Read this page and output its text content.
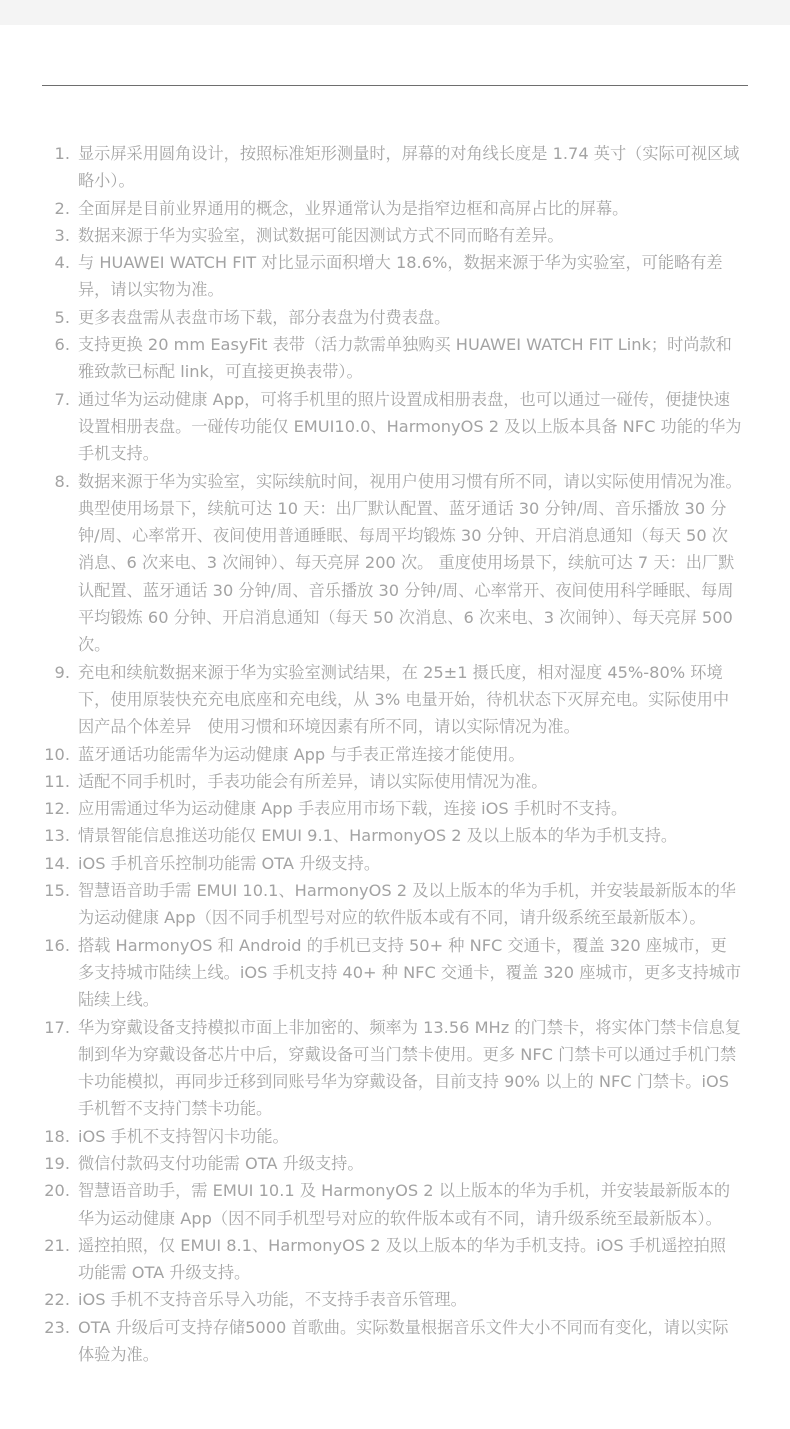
1. 显示屏采用圆角设计，按照标准矩形测量时，屏幕的对角线长度是 1.74 英寸（实际可视区域略小）。
2. 全面屏是目前业界通用的概念，业界通常认为是指窄边框和高屏占比的屏幕。
3. 数据来源于华为实验室，测试数据可能因测试方式不同而略有差异。
4. 与 HUAWEI WATCH FIT 对比显示面积增大 18.6%，数据来源于华为实验室，可能略有差异，请以实物为准。
5. 更多表盘需从表盘市场下载，部分表盘为付费表盘。
6. 支持更换 20 mm EasyFit 表带（活力款需单独购买 HUAWEI WATCH FIT Link；时尚款和雅致款已标配 link，可直接更换表带）。
7. 通过华为运动健康 App，可将手机里的照片设置成相册表盘，也可以通过一碰传，便捷快速设置相册表盘。一碰传功能仅 EMUI10.0、HarmonyOS 2 及以上版本具备 NFC 功能的华为手机支持。
8. 数据来源于华为实验室，实际续航时间，视用户使用习惯有所不同，请以实际使用情况为准。 典型使用场景下，续航可达 10 天：出厂默认配置、蓝牙通话 30 分钟/周、音乐播放 30 分钟/周、心率常开、夜间使用普通睡眠、每周平均锻炼 30 分钟、开启消息通知（每天 50 次消息、6 次来电、3 次闹钟）、每天亮屏 200 次。 重度使用场景下，续航可达 7 天：出厂默认配置、蓝牙通话 30 分钟/周、音乐播放 30 分钟/周、心率常开、夜间使用科学睡眠、每周平均锻炼 60 分钟、开启消息通知（每天 50 次消息、6 次来电、3 次闹钟）、每天亮屏 500 次。
9. 充电和续航数据来源于华为实验室测试结果，在 25±1 摄氏度，相对湿度 45%-80% 环境下，使用原装快充充电底座和充电线，从 3% 电量开始，待机状态下灭屏充电。实际使用中因产品个体差异　使用习惯和环境因素有所不同，请以实际情况为准。
10. 蓝牙通话功能需华为运动健康 App 与手表正常连接才能使用。
11. 适配不同手机时，手表功能会有所差异，请以实际使用情况为准。
12. 应用需通过华为运动健康 App 手表应用市场下载，连接 iOS 手机时不支持。
13. 情景智能信息推送功能仅 EMUI 9.1、HarmonyOS 2 及以上版本的华为手机支持。
14. iOS 手机音乐控制功能需 OTA 升级支持。
15. 智慧语音助手需 EMUI 10.1、HarmonyOS 2 及以上版本的华为手机，并安装最新版本的华为运动健康 App（因不同手机型号对应的软件版本或有不同，请升级系统至最新版本）。
16. 搭载 HarmonyOS 和 Android 的手机已支持 50+ 种 NFC 交通卡，覆盖 320 座城市，更多支持城市陆续上线。iOS 手机支持 40+ 种 NFC 交通卡，覆盖 320 座城市，更多支持城市陆续上线。
17. 华为穿戴设备支持模拟市面上非加密的、频率为 13.56 MHz 的门禁卡，将实体门禁卡信息复制到华为穿戴设备芯片中后，穿戴设备可当门禁卡使用。更多 NFC 门禁卡可以通过手机门禁卡功能模拟，再同步迁移到同账号华为穿戴设备，目前支持 90% 以上的 NFC 门禁卡。iOS 手机暂不支持门禁卡功能。
18. iOS 手机不支持智闪卡功能。
19. 微信付款码支付功能需 OTA 升级支持。
20. 智慧语音助手，需 EMUI 10.1 及 HarmonyOS 2 以上版本的华为手机，并安装最新版本的华为运动健康 App（因不同手机型号对应的软件版本或有不同，请升级系统至最新版本）。
21. 遥控拍照，仅 EMUI 8.1、HarmonyOS 2 及以上版本的华为手机支持。iOS 手机遥控拍照功能需 OTA 升级支持。
22. iOS 手机不支持音乐导入功能，不支持手表音乐管理。
23. OTA 升级后可支持存储5000 首歌曲。实际数量根据音乐文件大小不同而有变化，请以实际体验为准。
